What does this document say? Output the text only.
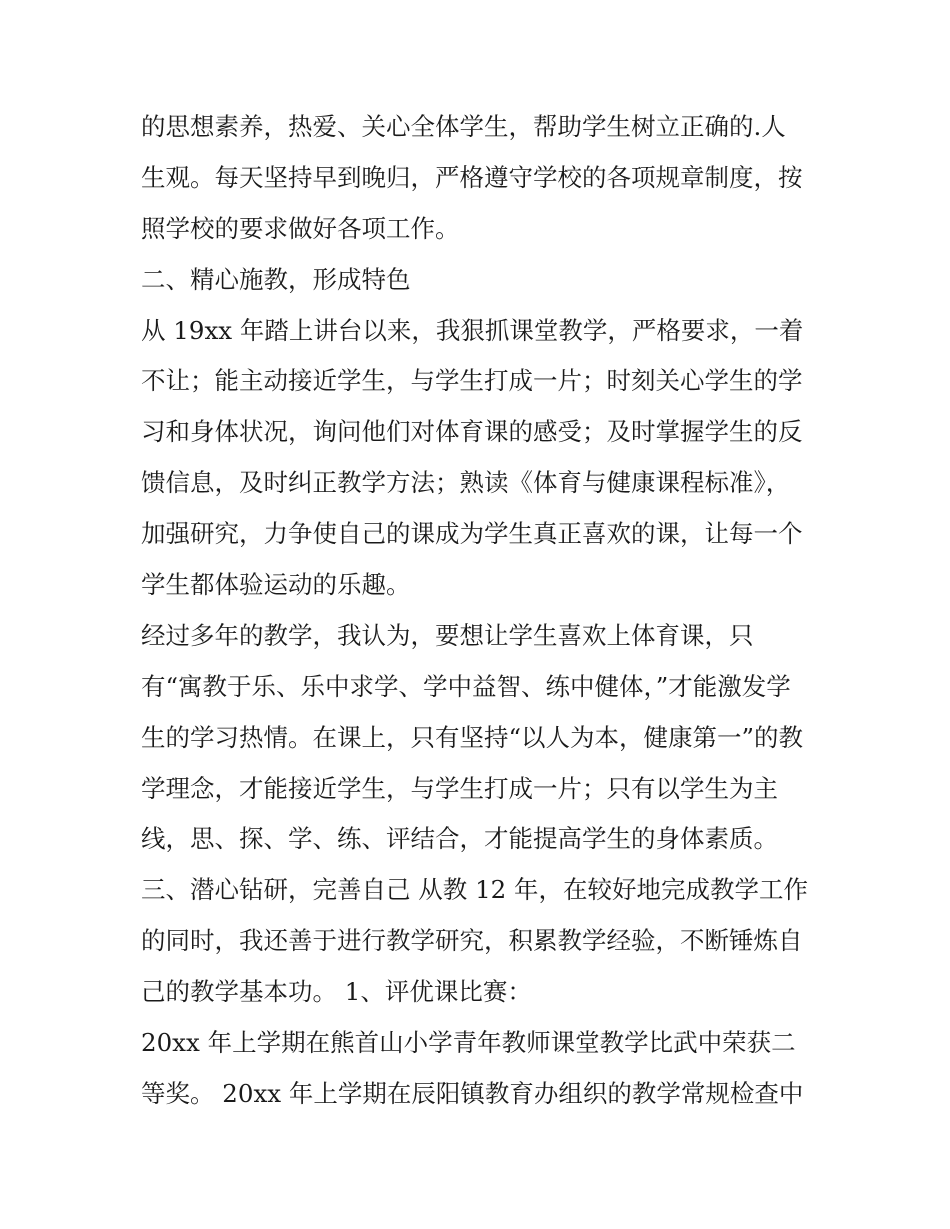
的思想素养，热爱、关心全体学生，帮助学生树立正确的.人
生观。每天坚持早到晚归，严格遵守学校的各项规章制度，按
照学校的要求做好各项工作。
二、精心施教，形成特色
从 19xx 年踏上讲台以来，我狠抓课堂教学，严格要求，一着
不让；能主动接近学生，与学生打成一片；时刻关心学生的学
习和身体状况，询问他们对体育课的感受；及时掌握学生的反
馈信息，及时纠正教学方法；熟读《体育与健康课程标准》，
加强研究，力争使自己的课成为学生真正喜欢的课，让每一个
学生都体验运动的乐趣。
经过多年的教学，我认为，要想让学生喜欢上体育课，只
有“寓教于乐、乐中求学、学中益智、练中健体，”才能激发学
生的学习热情。在课上，只有坚持“以人为本，健康第一”的教
学理念，才能接近学生，与学生打成一片；只有以学生为主
线，思、探、学、练、评结合，才能提高学生的身体素质。
三、潜心钻研，完善自己 从教 12 年，在较好地完成教学工作
的同时，我还善于进行教学研究，积累教学经验，不断锤炼自
己的教学基本功。 1、评优课比赛：
20xx 年上学期在熊首山小学青年教师课堂教学比武中荣获二
等奖。 20xx 年上学期在辰阳镇教育办组织的教学常规检查中
